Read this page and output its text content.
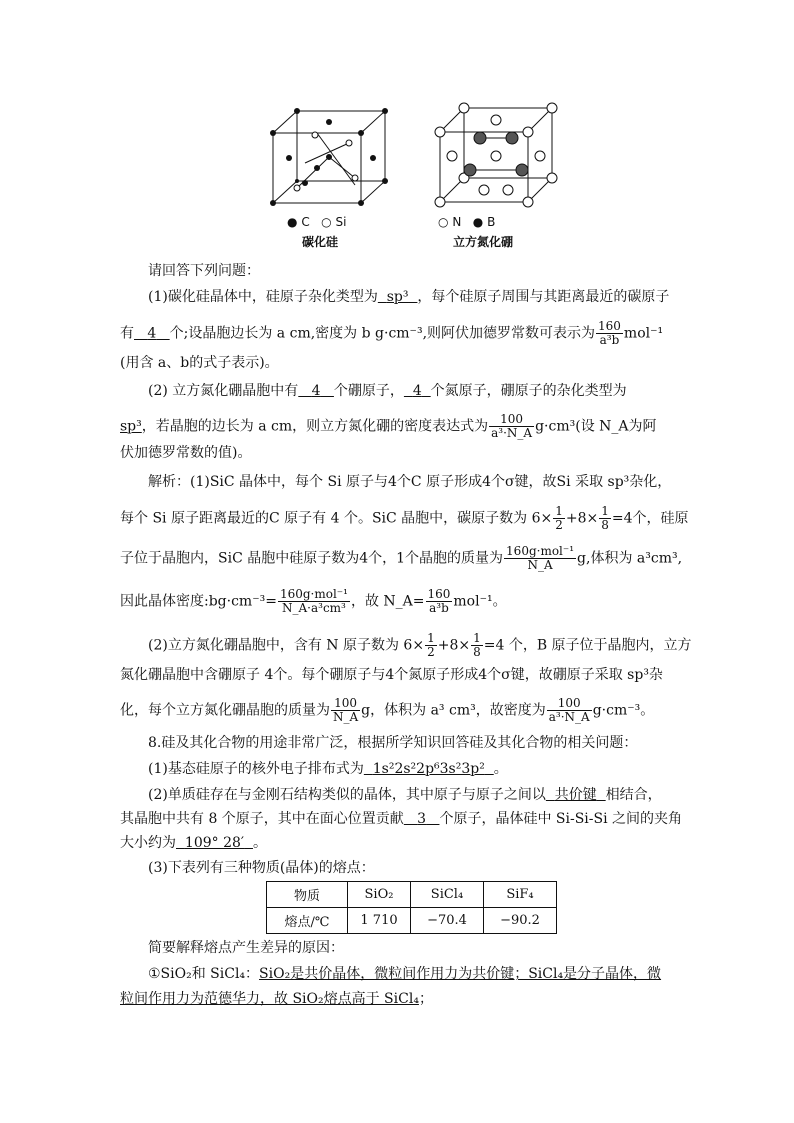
● C ○ Si
碳化硅
○ N ● B
立方氮化硼
请回答下列问题：
(1)碳化硅晶体中，硅原子杂化类型为 sp³ ，每个硅原子周围与其距离最近的碳原子
有 4 个;设晶胞边长为 a cm,密度为 b g·cm⁻³,则阿伏加德罗常数可表示为 $\frac{160}{\text{a³b}} mol^{-1}$
(用含 a、b的式子表示)。
(2) 立方氮化硼晶胞中有 4 个硼原子， 4 个氮原子，硼原子的杂化类型为
sp³，若晶胞的边长为 a cm，则立方氮化硼的密度表达式为 $\frac{100}{\text{a³·N\_A}} g\cdot cm^3$(设 N_A为阿
伏加德罗常数的值)。
解析：(1)SiC 晶体中，每个 Si 原子与4个C 原子形成4个σ键，故Si 采取 sp³杂化，
每个 Si 原子距离最近的C 原子有 4 个。SiC 晶胞中，碳原子数为 $6\times \frac{1}{2} +8\times \frac{1}{8} =4$个，硅原
子位于晶胞内，SiC 晶胞中硅原子数为4个，1个晶胞的质量为 $\frac{\text{160g·mol⁻¹}}{N\_A} g$,体积为 a³cm³,
因此晶体密度:bg·cm⁻³= $\frac{\text{160g·mol⁻¹}}{\text{N\_A·a³cm³}}$ ，故 N_A= $\frac{160}{\text{a³b}} mol^{-1}$。
(2)立方氮化硼晶胞中，含有 N 原子数为 $6\times \frac{1}{2} +8\times \frac{1}{8} =4$ 个，B 原子位于晶胞内，立方
氮化硼晶胞中含硼原子 4个。每个硼原子与4个氮原子形成4个σ键，故硼原子采取 sp³杂
化，每个立方氮化硼晶胞的质量为 $\frac{100}{N\_A}$ g，体积为 a³ cm³，故密度为 $\frac{100}{\text{a³·N\_A}} g\cdot cm^{-3}$。
8.硅及其化合物的用途非常广泛，根据所学知识回答硅及其化合物的相关问题：
(1)基态硅原子的核外电子排布式为 1s²2s²2p⁶3s²3p² 。
(2)单质硅存在与金刚石结构类似的晶体，其中原子与原子之间以 共价键 相结合，
其晶胞中共有 8 个原子，其中在面心位置贡献 3 个原子，晶体硅中 Si-Si-Si 之间的夹角
大小约为 109° 28′ 。
(3)下表列有三种物质(晶体)的熔点：
物质	SiO₂	SiCl₄	SiF₄
熔点/℃	1 710	−70.4	−90.2
简要解释熔点产生差异的原因：
①SiO₂和 SiCl₄：SiO₂是共价晶体，微粒间作用力为共价键；SiCl₄是分子晶体，微
粒间作用力为范德华力，故 SiO₂熔点高于 SiCl₄；
